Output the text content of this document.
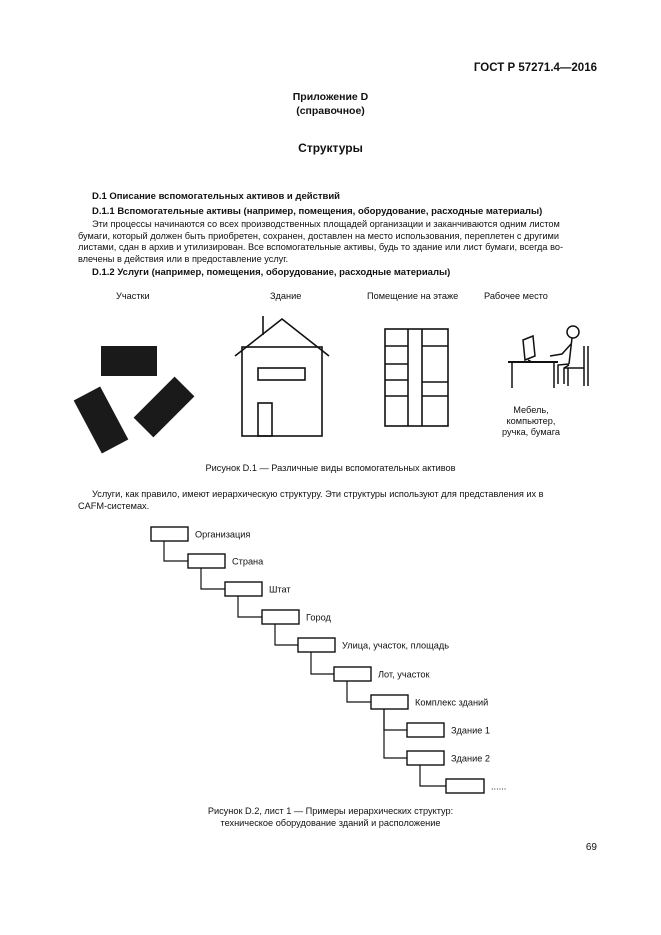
ГОСТ Р 57271.4—2016
Приложение D
(справочное)
Структуры
D.1 Описание вспомогательных активов и действий
D.1.1 Вспомогательные активы (например, помещения, оборудование, расходные материалы)
Эти процессы начинаются со всех производственных площадей организации и заканчиваются одним листом
бумаги, который должен быть приобретен, сохранен, доставлен на место использования, переплетен с другими
листами, сдан в архив и утилизирован. Все вспомогательные активы, будь то здание или лист бумаги, всегда во-
влечены в действия или в предоставление услуг.
D.1.2 Услуги (например, помещения, оборудование, расходные материалы)
Участки	Здание	Помещение на этаже	Рабочее место
Мебель,
компьютер,
ручка, бумага
Рисунок D.1 — Различные виды вспомогательных активов
Услуги, как правило, имеют иерархическую структуру. Эти структуры используют для представления их в
CAFM-системах.
Организация
Страна
Штат
Город
Улица, участок, площадь
Лот, участок
Комплекс зданий
Здание 1
Здание 2
......
Рисунок D.2, лист 1 — Примеры иерархических структур:
техническое оборудование зданий и расположение
69
